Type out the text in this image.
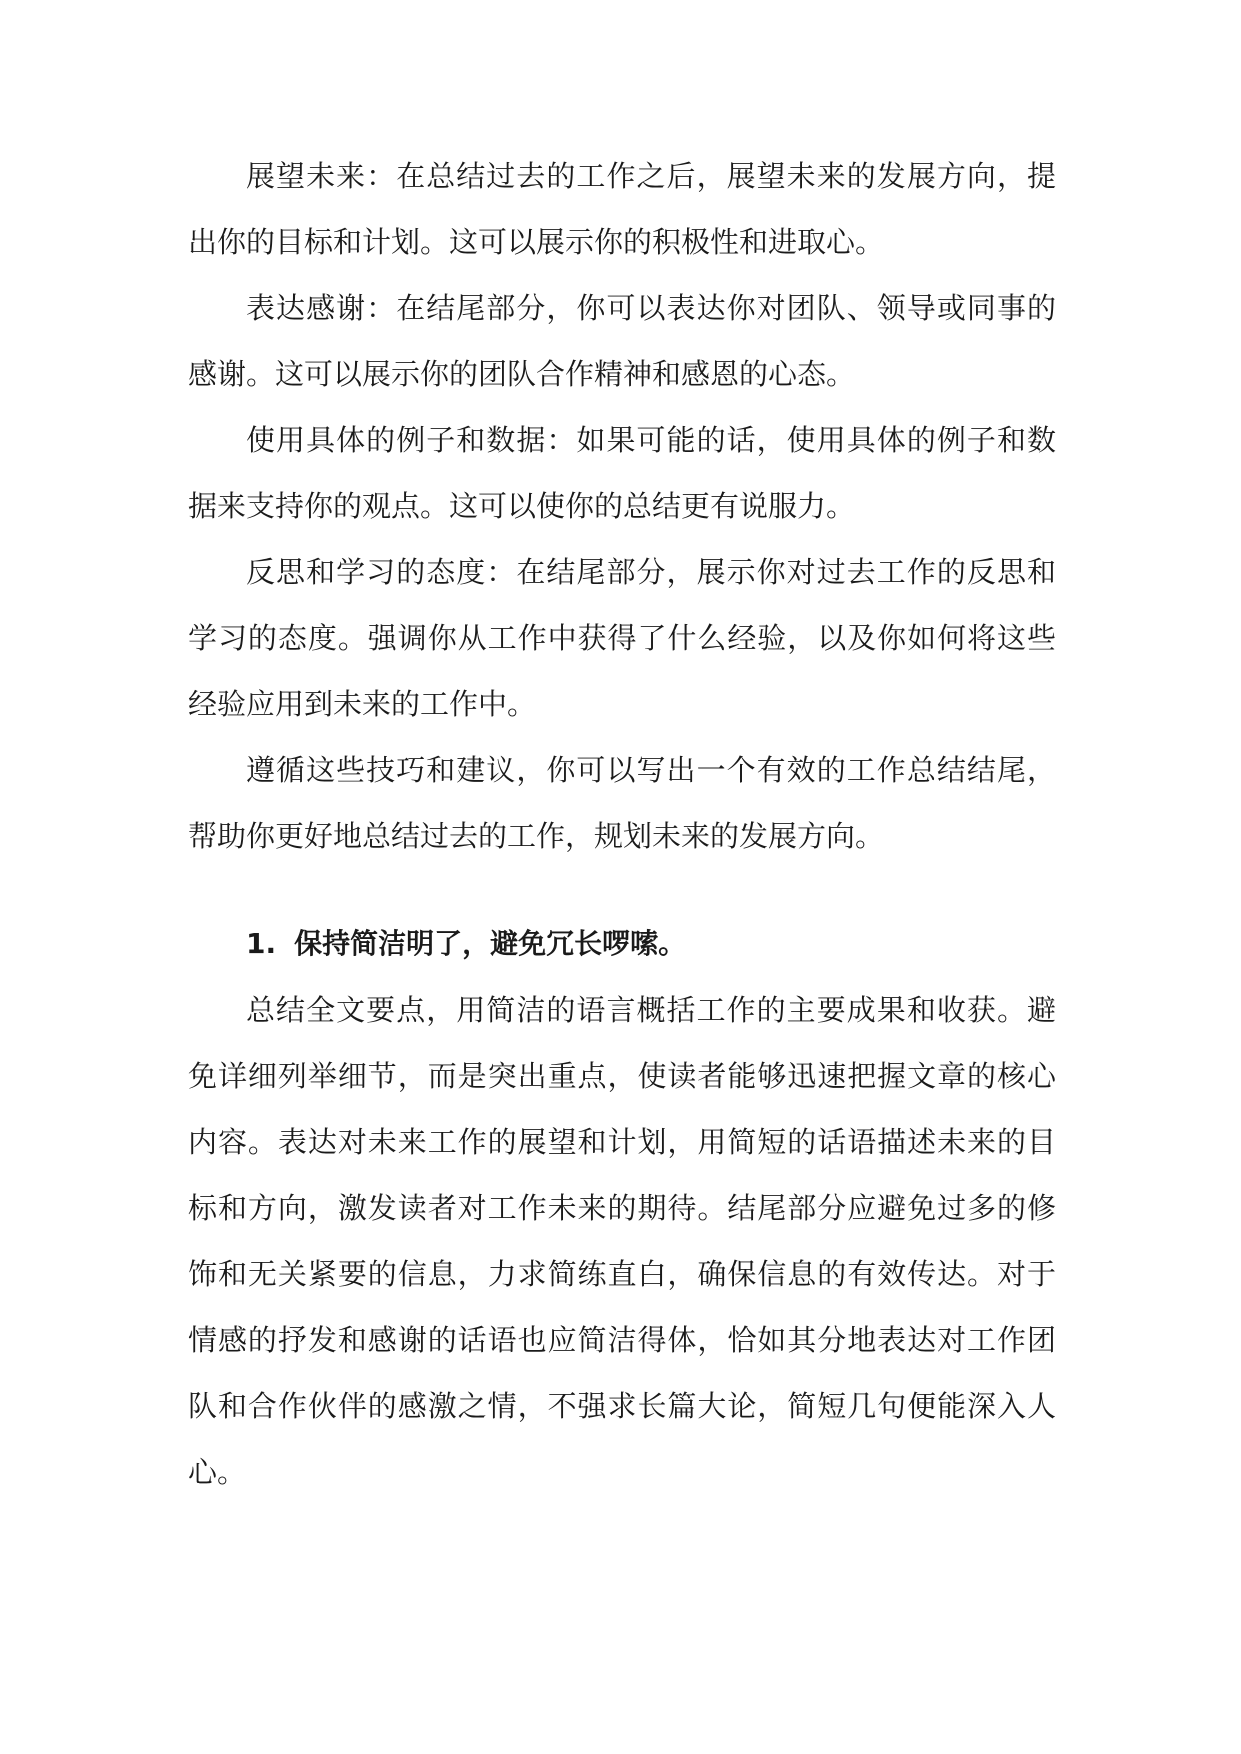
展望未来：在总结过去的工作之后，展望未来的发展方向，提出你的目标和计划。这可以展示你的积极性和进取心。

表达感谢：在结尾部分，你可以表达你对团队、领导或同事的感谢。这可以展示你的团队合作精神和感恩的心态。

使用具体的例子和数据：如果可能的话，使用具体的例子和数据来支持你的观点。这可以使你的总结更有说服力。

反思和学习的态度：在结尾部分，展示你对过去工作的反思和学习的态度。强调你从工作中获得了什么经验，以及你如何将这些经验应用到未来的工作中。

遵循这些技巧和建议，你可以写出一个有效的工作总结结尾，帮助你更好地总结过去的工作，规划未来的发展方向。

1. 保持简洁明了，避免冗长啰嗦。

总结全文要点，用简洁的语言概括工作的主要成果和收获。避免详细列举细节，而是突出重点，使读者能够迅速把握文章的核心内容。表达对未来工作的展望和计划，用简短的话语描述未来的目标和方向，激发读者对工作未来的期待。结尾部分应避免过多的修饰和无关紧要的信息，力求简练直白，确保信息的有效传达。对于情感的抒发和感谢的话语也应简洁得体，恰如其分地表达对工作团队和合作伙伴的感激之情，不强求长篇大论，简短几句便能深入人心。
